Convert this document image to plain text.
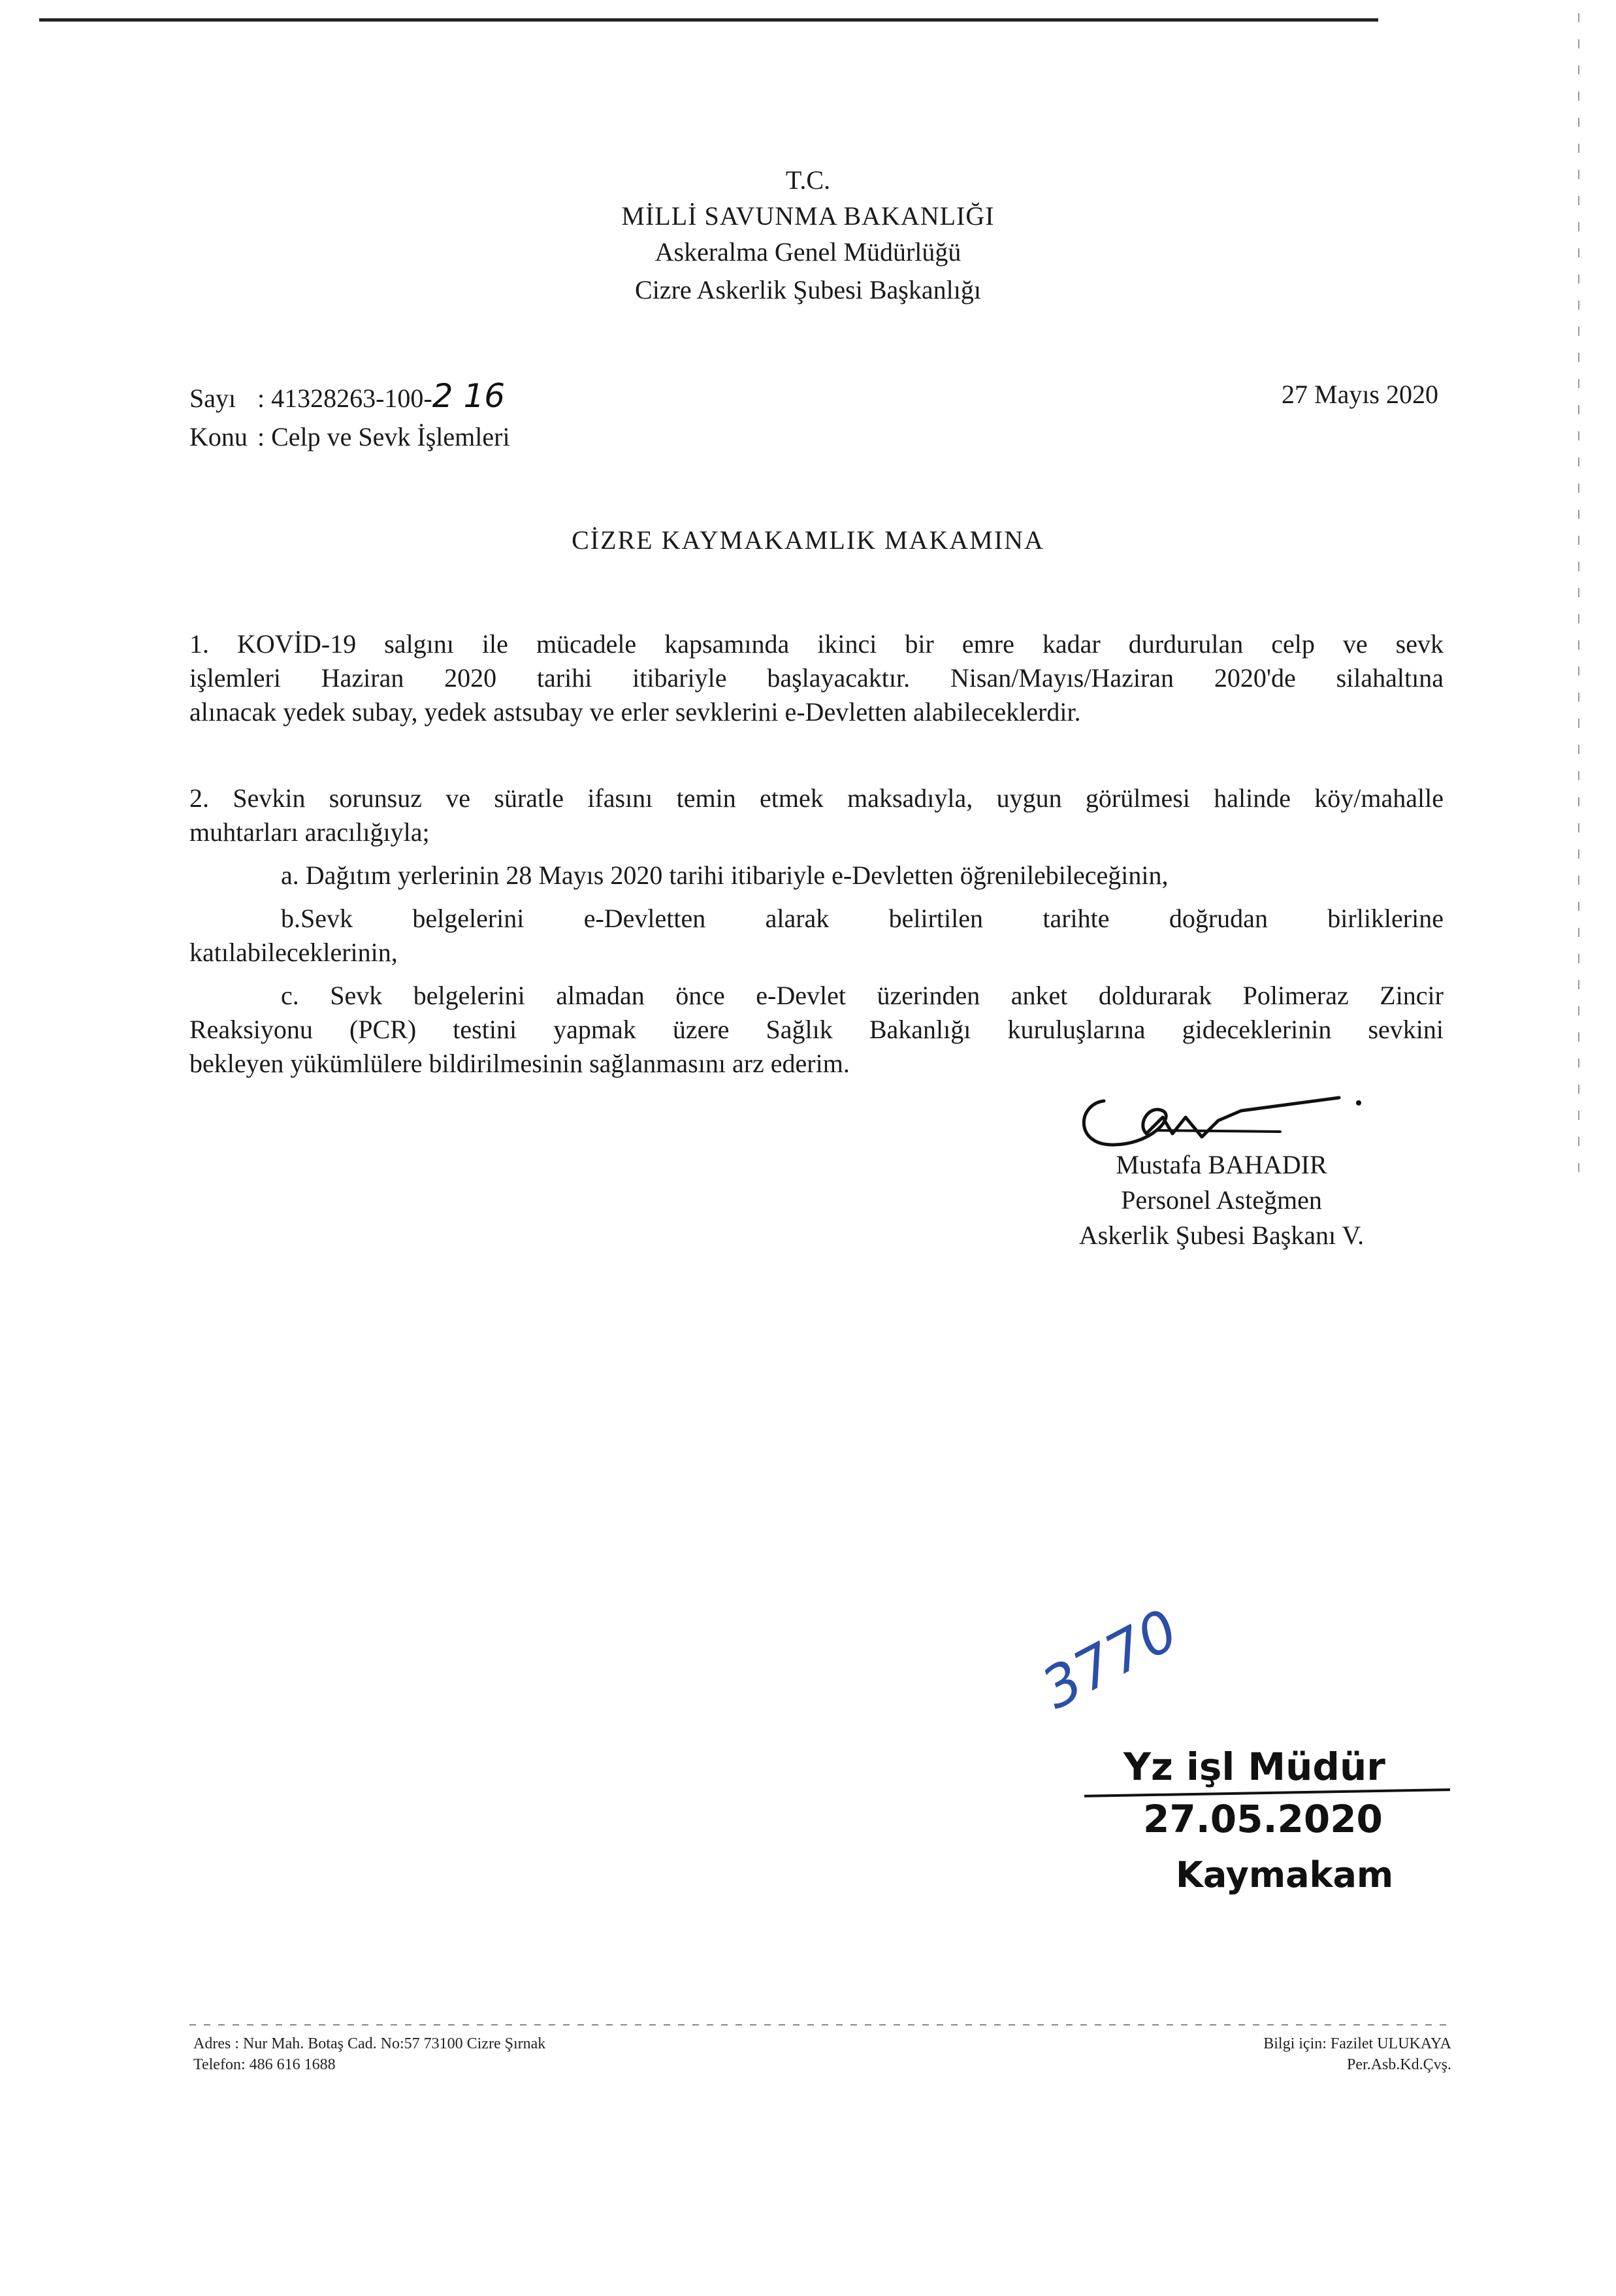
T.C.
MİLLİ SAVUNMA BAKANLIĞI
Askeralma Genel Müdürlüğü
Cizre Askerlik Şubesi Başkanlığı
Sayı : 41328263-100-2 16
Konu : Celp ve Sevk İşlemleri
27 Mayıs 2020
CİZRE KAYMAKAMLIK MAKAMINA
1. KOVİD-19 salgını ile mücadele kapsamında ikinci bir emre kadar durdurulan celp ve sevk
işlemleri Haziran 2020 tarihi itibariyle başlayacaktır. Nisan/Mayıs/Haziran 2020'de silahaltına
alınacak yedek subay, yedek astsubay ve erler sevklerini e-Devletten alabileceklerdir.
2. Sevkin sorunsuz ve süratle ifasını temin etmek maksadıyla, uygun görülmesi halinde köy/mahalle
muhtarları aracılığıyla;
a. Dağıtım yerlerinin 28 Mayıs 2020 tarihi itibariyle e-Devletten öğrenilebileceğinin,
b.Sevk belgelerini e-Devletten alarak belirtilen tarihte doğrudan birliklerine
katılabileceklerinin,
c. Sevk belgelerini almadan önce e-Devlet üzerinden anket doldurarak Polimeraz Zincir
Reaksiyonu (PCR) testini yapmak üzere Sağlık Bakanlığı kuruluşlarına gideceklerinin sevkini
bekleyen yükümlülere bildirilmesinin sağlanmasını arz ederim.
Mustafa BAHADIR
Personel Asteğmen
Askerlik Şubesi Başkanı V.
3770
Yz işl Müdür
27.05.2020
Kaymakam
Adres : Nur Mah. Botaş Cad. No:57 73100 Cizre Şırnak
Telefon: 486 616 1688
Bilgi için: Fazilet ULUKAYA
Per.Asb.Kd.Çvş.
